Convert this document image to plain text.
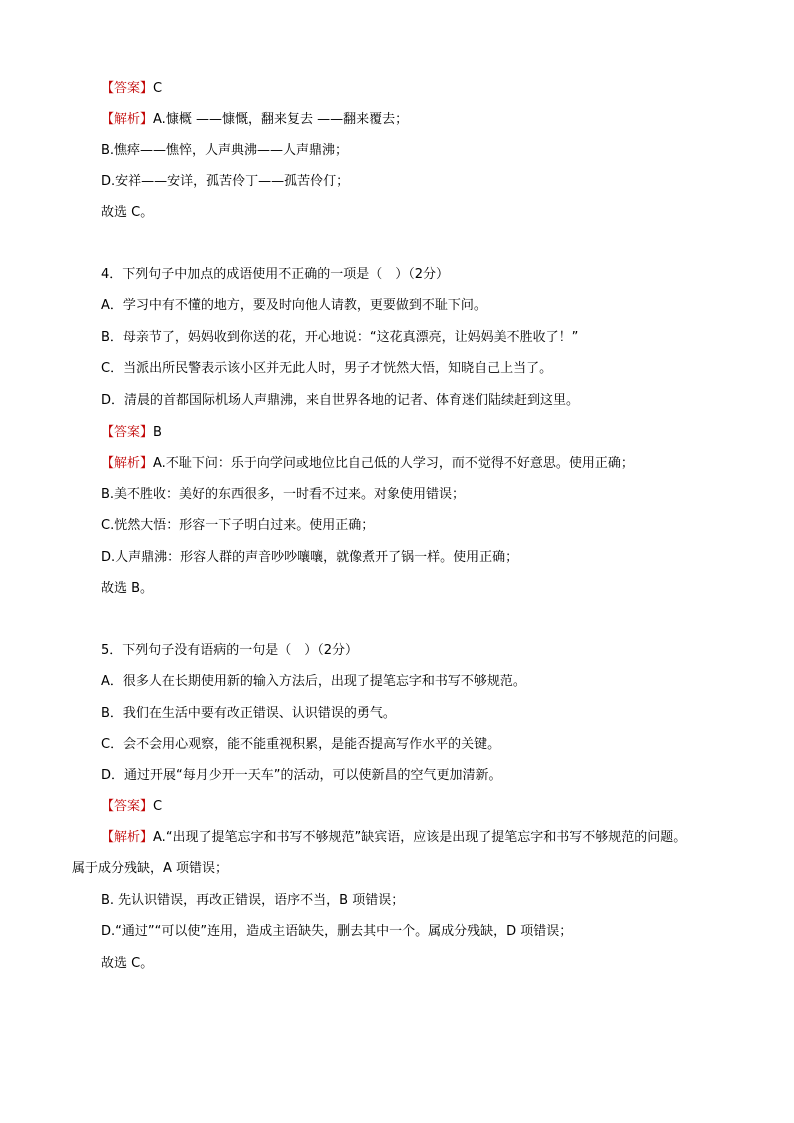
【答案】C
【解析】A.慷概 ——慷慨，翻来复去 ——翻来覆去；
B.憔瘁——憔悴，人声典沸——人声鼎沸；
D.安祥——安详，孤苦伶丁——孤苦伶仃；
故选 C。
4．下列句子中加点的成语使用不正确的一项是（　）（2分）
A．学习中有不懂的地方，要及时向他人请教，更要做到不耻下问。
B．母亲节了，妈妈收到你送的花，开心地说：“这花真漂亮，让妈妈美不胜收了！”
C．当派出所民警表示该小区并无此人时，男子才恍然大悟，知晓自己上当了。
D．清晨的首都国际机场人声鼎沸，来自世界各地的记者、体育迷们陆续赶到这里。
【答案】B
【解析】A.不耻下问：乐于向学问或地位比自己低的人学习，而不觉得不好意思。使用正确；
B.美不胜收：美好的东西很多，一时看不过来。对象使用错误；
C.恍然大悟：形容一下子明白过来。使用正确；
D.人声鼎沸：形容人群的声音吵吵嚷嚷，就像煮开了锅一样。使用正确；
故选 B。
5．下列句子没有语病的一句是（　）（2分）
A．很多人在长期使用新的输入方法后，出现了提笔忘字和书写不够规范。
B．我们在生活中要有改正错误、认识错误的勇气。
C．会不会用心观察，能不能重视积累，是能否提高写作水平的关键。
D．通过开展“每月少开一天车”的活动，可以使新昌的空气更加清新。
【答案】C
【解析】A.“出现了提笔忘字和书写不够规范”缺宾语，应该是出现了提笔忘字和书写不够规范的问题。
属于成分残缺，A 项错误；
B. 先认识错误，再改正错误，语序不当，B 项错误；
D.“通过”“可以使”连用，造成主语缺失，删去其中一个。属成分残缺，D 项错误；
故选 C。
